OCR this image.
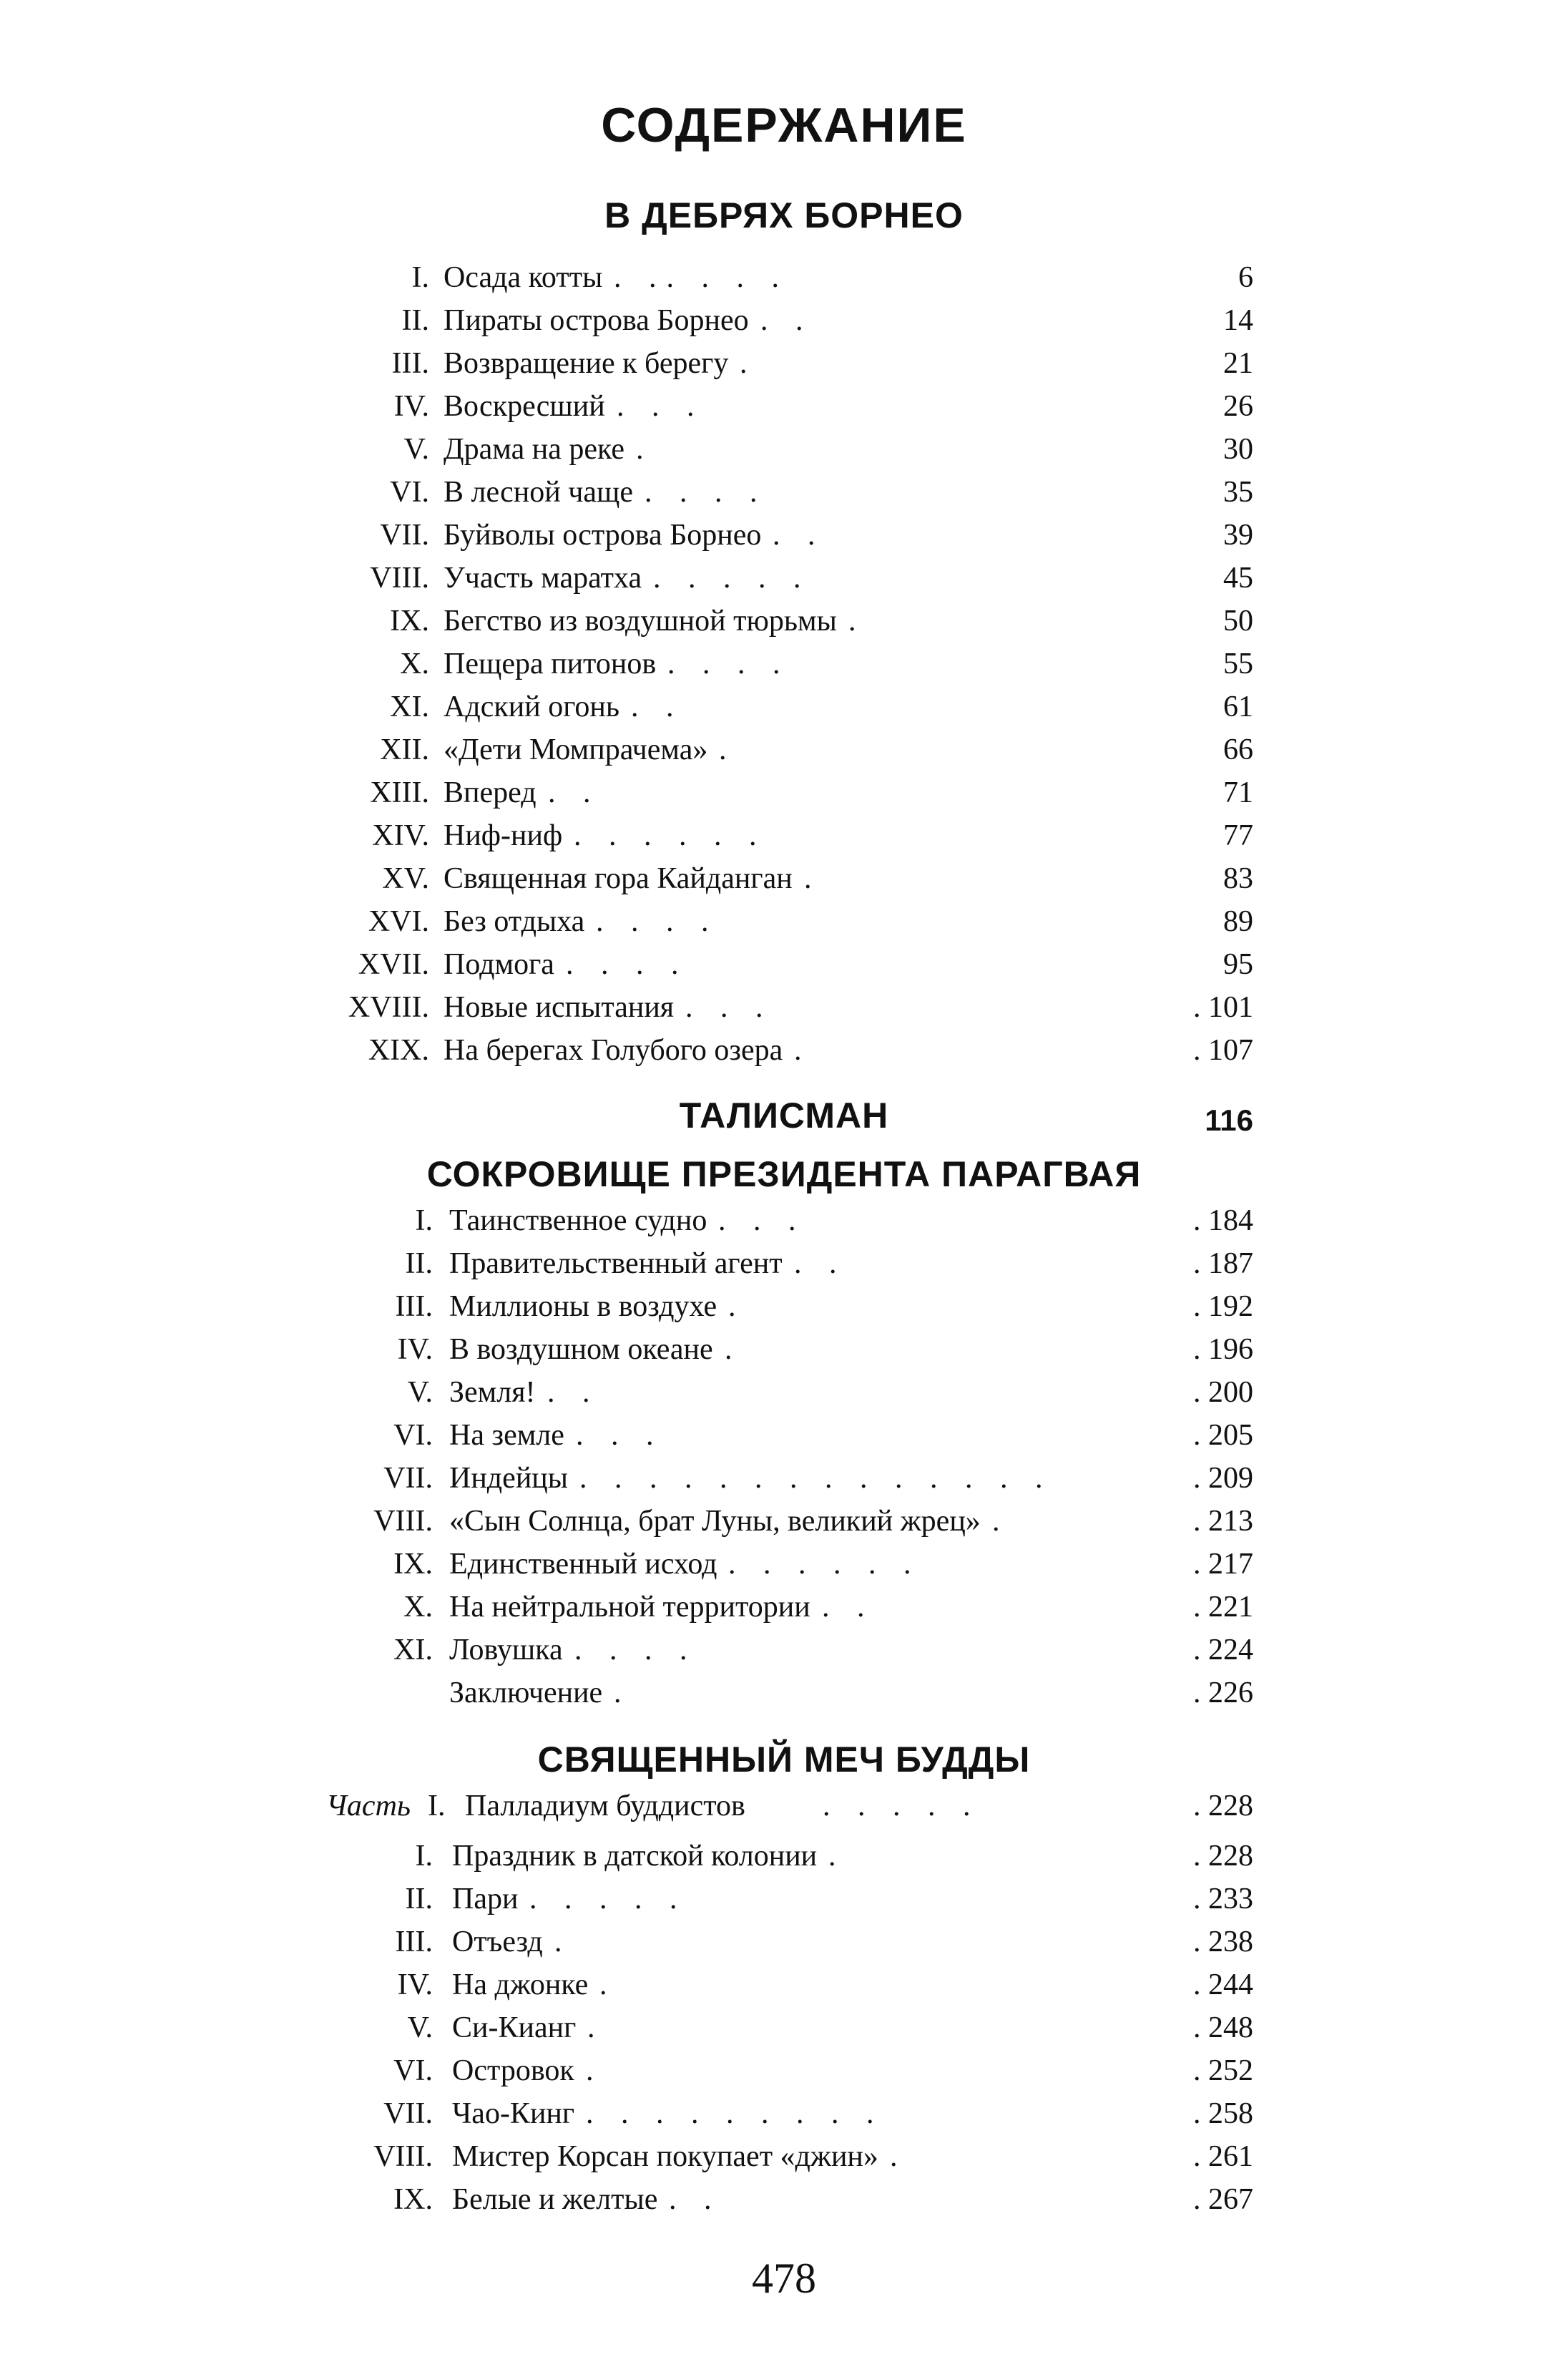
СОДЕРЖАНИЕ
В ДЕБРЯХ БОРНЕО
I. Осада котты . .. . . .	6
II. Пираты острова Борнео . .	14
III. Возвращение к берегу .	21
IV. Воскресший . . .	26
V. Драма на реке .	30
VI. В лесной чаще . . . .	35
VII. Буйволы острова Борнео . .	39
VIII. Участь маратха . . . . .	45
IX. Бегство из воздушной тюрьмы .	50
X. Пещера питонов . . . .	55
XI. Адский огонь . .	61
XII. «Дети Момпрачема» .	66
XIII. Вперед . .	71
XIV. Ниф-ниф . . . . . .	77
XV. Священная гора Кайданган .	83
XVI. Без отдыха . . . .	89
XVII. Подмога . . . .	95
XVIII. Новые испытания . . .	. 101
XIX. На берегах Голубого озера .	. 107
ТАЛИСМАН	116
СОКРОВИЩЕ ПРЕЗИДЕНТА ПАРАГВАЯ
I. Таинственное судно . . .	. 184
II. Правительственный агент . .	. 187
III. Миллионы в воздухе .	. 192
IV. В воздушном океане .	. 196
V. Земля! . .	. 200
VI. На земле . . .	. 205
VII. Индейцы . . . . . . . . . . . . . .	. 209
VIII. «Сын Солнца, брат Луны, великий жрец» .	. 213
IX. Единственный исход . . . . . .	. 217
X. На нейтральной территории . .	. 221
XI. Ловушка . . . .	. 224
Заключение .	. 226
СВЯЩЕННЫЙ МЕЧ БУДДЫ
Часть I. Палладиум буддистов	. . . . .	. 228
I. Праздник в датской колонии .	. 228
II. Пари . . . . .	. 233
III. Отъезд .	. 238
IV. На джонке .	. 244
V. Си-Кианг .	. 248
VI. Островок .	. 252
VII. Чао-Кинг . . . . . . . . .	. 258
VIII. Мистер Корсан покупает «джин» .	. 261
IX. Белые и желтые . .	. 267
478
